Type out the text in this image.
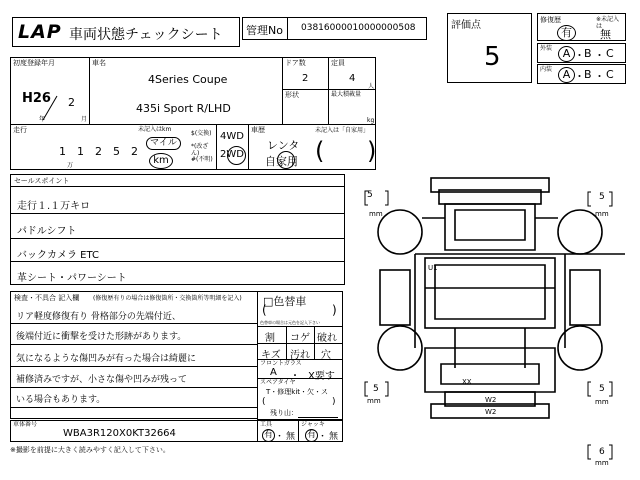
LAP 車両状態チェックシート 管理No 03816000010000000508	評価点
5
修復歴	※未記入は
有	無
外装 A ・ B ・ C
内装 A ・ B ・ C
初度登録年月
H26 2
年	月
車名
4Series Coupe
435i Sport R/LHD
ドア数
2
定員
4
人
形状	最大積載量
kg
走行
1 1 2 5 2
万
未記入はkm
マイル
km
$(交換)
*(改ざん)
#(不明)
4WD
2WD
車歴	未記入は「自家用」
レンタ
自家用 ( )
セールスポイント
走行１.１万キロ
パドルシフト
バックカメラ ETC
革シート・パワーシート
検査・不具合 記入欄 (修復歴有りの場合は修復箇所・交換箇所等明細を記入)
リア軽度修復有り 骨格部分の先端付近、
後端付近に衝撃を受けた形跡があります。
気になるような傷凹みが有った場合は綺麗に
補修済みですが、小さな傷や凹みが残って
いる場合もあります。
□色替車
(	)
色替車の場合は元色を記入下さい
割 コゲ 破れ
キズ 汚れ 穴
フロントガラス
A ・ X要す
スペアタイヤ
T・修理kit・欠・ス
(	)
残り山：
工具
有 ・ 無
ジャッキ
有 ・ 無
車体番号
WBA3R120X0KT32664
※撮影を前提に大きく読みやすく記入して下さい。
5
mm
5
mm
5
mm
5
mm
6
mm
U1
XX
W2
W2
